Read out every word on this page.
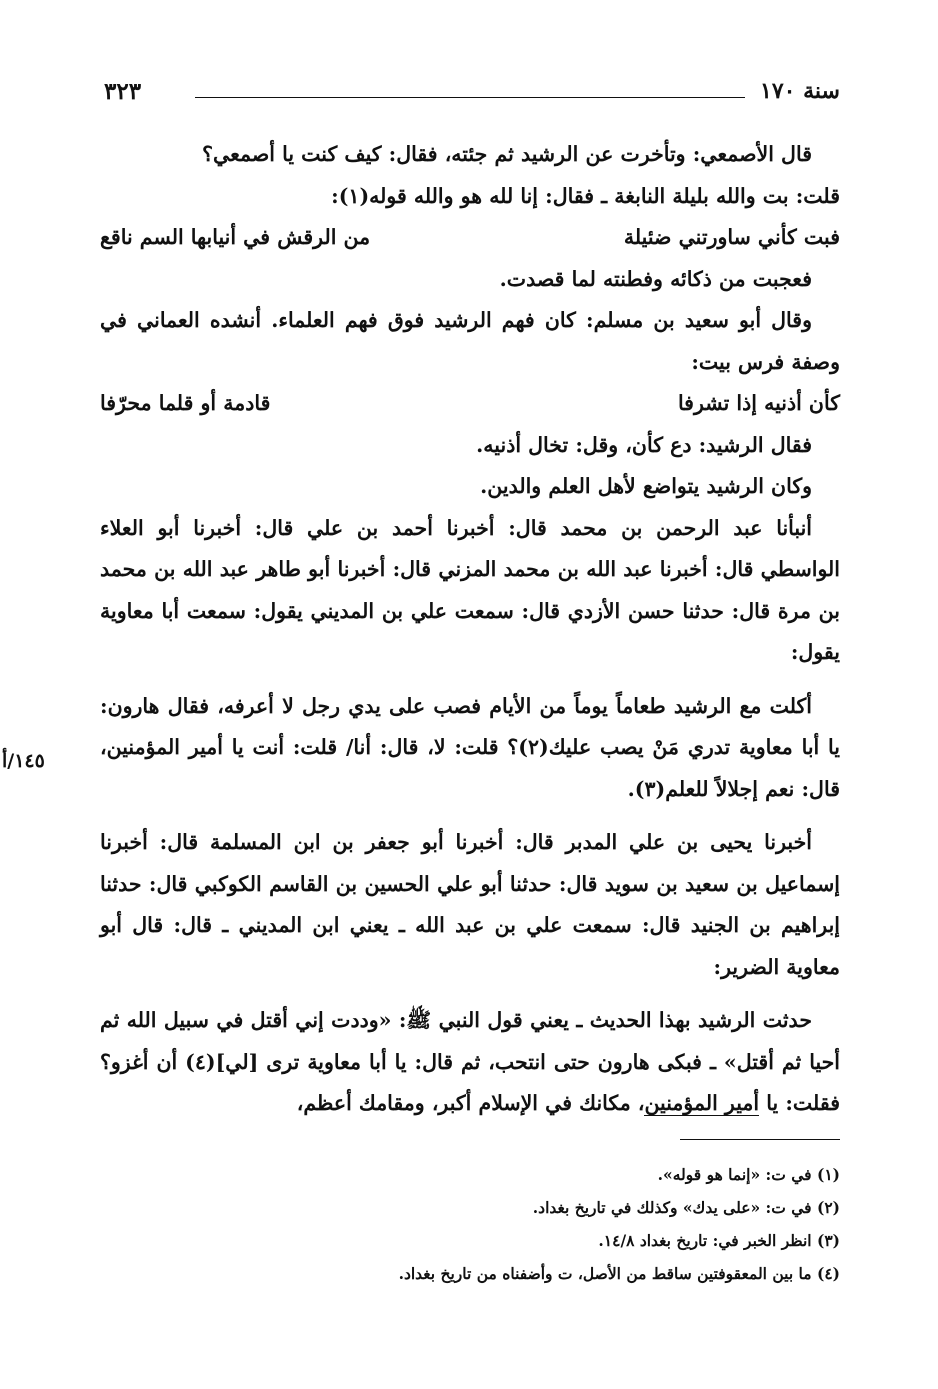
سنة ١٧٠
٣٢٣

قال الأصمعي: وتأخرت عن الرشيد ثم جئته، فقال: كيف كنت يا أصمعي؟

قلت: بت والله بليلة النابغة ـ فقال: إنا لله هو والله قوله(١):

فبت كأني ساورتني ضئيلة
من الرقش في أنيابها السم ناقع

فعجبت من ذكائه وفطنته لما قصدت.

وقال أبو سعيد بن مسلم: كان فهم الرشيد فوق فهم العلماء. أنشده العماني في وصفة فرس بيت:

كأن أذنيه إذا تشرفا
قادمة أو قلما محرّفا

فقال الرشيد: دع كأن، وقل: تخال أذنيه.

وكان الرشيد يتواضع لأهل العلم والدين.

أنبأنا عبد الرحمن بن محمد قال: أخبرنا أحمد بن علي قال: أخبرنا أبو العلاء الواسطي قال: أخبرنا عبد الله بن محمد المزني قال: أخبرنا أبو طاهر عبد الله بن محمد بن مرة قال: حدثنا حسن الأزدي قال: سمعت علي بن المديني يقول: سمعت أبا معاوية يقول:

أكلت مع الرشيد طعاماً يوماً من الأيام فصب على يدي رجل لا أعرفه، فقال هارون: يا أبا معاوية تدري مَنْ يصب عليك(٢)؟ قلت: لا، قال: أنا/ قلت: أنت يا أمير المؤمنين، قال: نعم إجلالاً للعلم(٣).

١٤٥/أ

أخبرنا يحيى بن علي المدبر قال: أخبرنا أبو جعفر بن ابن المسلمة قال: أخبرنا إسماعيل بن سعيد بن سويد قال: حدثنا أبو علي الحسين بن القاسم الكوكبي قال: حدثنا إبراهيم بن الجنيد قال: سمعت علي بن عبد الله ـ يعني ابن المديني ـ قال: قال أبو معاوية الضرير:

حدثت الرشيد بهذا الحديث ـ يعني قول النبي ﷺ: «وددت إني أقتل في سبيل الله ثم أحيا ثم أقتل» ـ فبكى هارون حتى انتحب، ثم قال: يا أبا معاوية ترى [لي](٤) أن أغزو؟ فقلت: يا أمير المؤمنين، مكانك في الإسلام أكبر، ومقامك أعظم،

(١) في ت: «إنما هو قوله».
(٢) في ت: «على يدك» وكذلك في تاريخ بغداد.
(٣) انظر الخبر في: تاريخ بغداد ١٤/٨.
(٤) ما بين المعقوفتين ساقط من الأصل، ت وأضفناه من تاريخ بغداد.
